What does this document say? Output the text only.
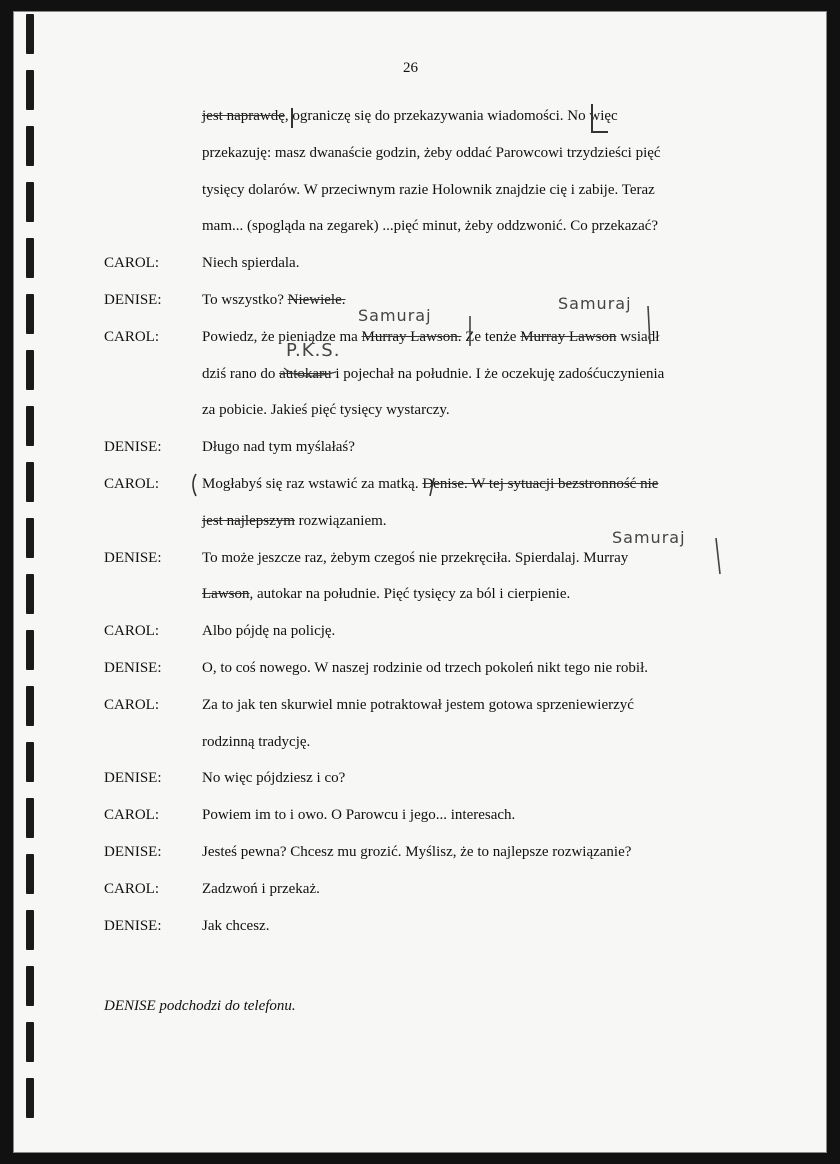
26
jest naprawdę, ograniczę się do przekazywania wiadomości. No więc
przekazuję: masz dwanaście godzin, żeby oddać Parowcowi trzydzieści pięć
tysięcy dolarów. W przeciwnym razie Holownik znajdzie cię i zabije. Teraz
mam... (spogląda na zegarek) ...pięć minut, żeby oddzwonić. Co przekazać?
CAROL:	Niech spierdala.
DENISE:	To wszystko? Niewiele.
CAROL:	Powiedz, że pieniądze ma Murray Lawson. Że tenże Murray Lawson wsiadł
dziś rano do autokaru i pojechał na południe. I że oczekuję zadośćuczynienia
za pobicie. Jakieś pięć tysięcy wystarczy.
DENISE:	Długo nad tym myślałaś?
CAROL:	Mogłabyś się raz wstawić za matką. Denise. W tej sytuacji bezstronność nie
jest najlepszym rozwiązaniem.
DENISE:	To może jeszcze raz, żebym czegoś nie przekręciła. Spierdalaj. Murray
Lawson, autokar na południe. Pięć tysięcy za ból i cierpienie.
CAROL:	Albo pójdę na policję.
DENISE:	O, to coś nowego. W naszej rodzinie od trzech pokoleń nikt tego nie robił.
CAROL:	Za to jak ten skurwiel mnie potraktował jestem gotowa sprzeniewierzyć
rodzinną tradycję.
DENISE:	No więc pójdziesz i co?
CAROL:	Powiem im to i owo. O Parowcu i jego... interesach.
DENISE:	Jesteś pewna? Chcesz mu grozić. Myślisz, że to najlepsze rozwiązanie?
CAROL:	Zadzwoń i przekaż.
DENISE:	Jak chcesz.
DENISE podchodzi do telefonu.
Samuraj
Samuraj
P.K.S.
Samuraj
